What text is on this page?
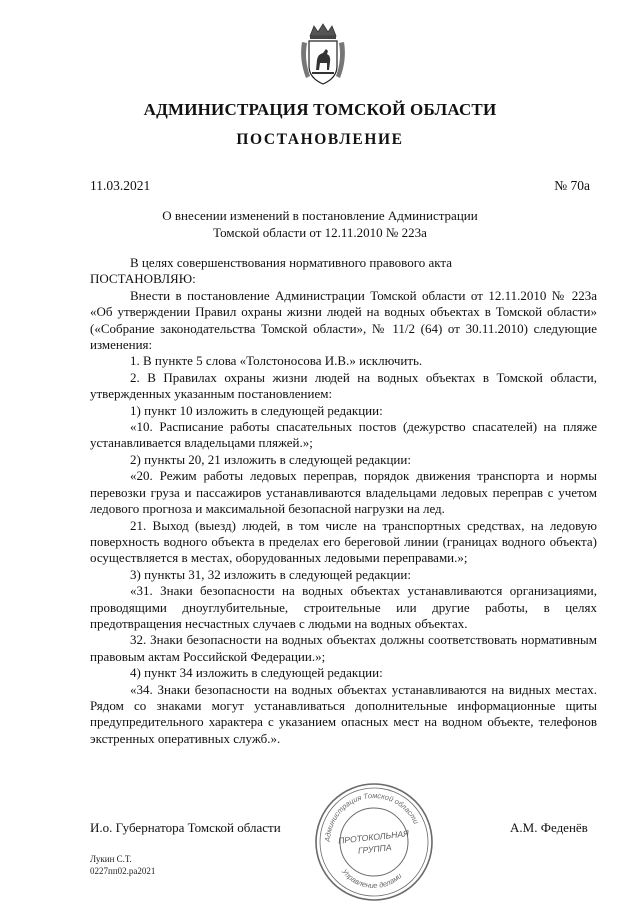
АДМИНИСТРАЦИЯ ТОМСКОЙ ОБЛАСТИ
ПОСТАНОВЛЕНИЕ
11.03.2021	№ 70а
О внесении изменений в постановление Администрации
Томской области от 12.11.2010 № 223а

В целях совершенствования нормативного правового акта

ПОСТАНОВЛЯЮ:

Внести в постановление Администрации Томской области от 12.11.2010 № 223а «Об утверждении Правил охраны жизни людей на водных объектах в Томской области» («Собрание законодательства Томской области», № 11/2 (64) от 30.11.2010) следующие изменения:

1. В пункте 5 слова «Толстоносова И.В.» исключить.

2. В Правилах охраны жизни людей на водных объектах в Томской области, утвержденных указанным постановлением:

1) пункт 10 изложить в следующей редакции:

«10. Расписание работы спасательных постов (дежурство спасателей) на пляже устанавливается владельцами пляжей.»;

2) пункты 20, 21 изложить в следующей редакции:

«20. Режим работы ледовых переправ, порядок движения транспорта и нормы перевозки груза и пассажиров устанавливаются владельцами ледовых переправ с учетом ледового прогноза и максимальной безопасной нагрузки на лед.

21. Выход (выезд) людей, в том числе на транспортных средствах, на ледовую поверхность водного объекта в пределах его береговой линии (границах водного объекта) осуществляется в местах, оборудованных ледовыми переправами.»;

3) пункты 31, 32 изложить в следующей редакции:

«31. Знаки безопасности на водных объектах устанавливаются организациями, проводящими дноуглубительные, строительные или другие работы, в целях предотвращения несчастных случаев с людьми на водных объектах.

32. Знаки безопасности на водных объектах должны соответствовать нормативным правовым актам Российской Федерации.»;

4) пункт 34 изложить в следующей редакции:

«34. Знаки безопасности на водных объектах устанавливаются на видных местах. Рядом со знаками могут устанавливаться дополнительные информационные щиты предупредительного характера с указанием опасных мест на водном объекте, телефонов экстренных оперативных служб.».

И.о. Губернатора Томской области	А.М. Феденёв
Администрация Томской области
Управление делами
ПРОТОКОЛЬНАЯ
ГРУППА
Лукин С.Т.
0227пп02.ра2021
